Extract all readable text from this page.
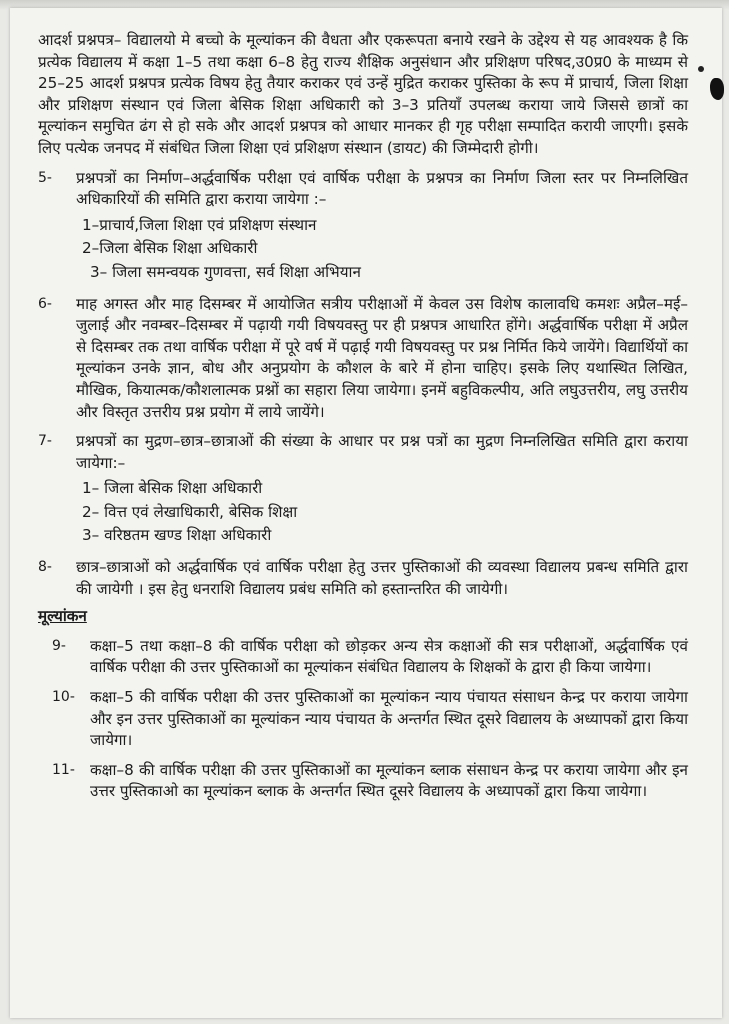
आदर्श प्रश्नपत्र– विद्यालयो मे बच्चो के मूल्यांकन की वैधता और एकरूपता बनाये रखने के उद्देश्य से यह आवश्यक है कि प्रत्येक विद्यालय में कक्षा 1–5 तथा कक्षा 6–8 हेतु राज्य शैक्षिक अनुसंधान और प्रशिक्षण परिषद,उ0प्र0 के माध्यम से 25–25 आदर्श प्रश्नपत्र प्रत्येक विषय हेतु तैयार कराकर एवं उन्हें मुद्रित कराकर पुस्तिका के रूप में प्राचार्य, जिला शिक्षा और प्रशिक्षण संस्थान एवं जिला बेसिक शिक्षा अधिकारी को 3–3 प्रतियाँ उपलब्ध कराया जाये जिससे छात्रों का मूल्यांकन समुचित ढंग से हो सके और आदर्श प्रश्नपत्र को आधार मानकर ही गृह परीक्षा सम्पादित करायी जाएगी। इसके लिए पत्येक जनपद में संबंधित जिला शिक्षा एवं प्रशिक्षण संस्थान (डायट) की जिम्मेदारी होगी।

5-	प्रश्नपत्रों का निर्माण–अर्द्धवार्षिक परीक्षा एवं वार्षिक परीक्षा के प्रश्नपत्र का निर्माण जिला स्तर पर निम्नलिखित अधिकारियों की समिति द्वारा कराया जायेगा :–
1–प्राचार्य,जिला शिक्षा एवं प्रशिक्षण संस्थान
2–जिला बेसिक शिक्षा अधिकारी
3– जिला समन्वयक गुणवत्ता, सर्व शिक्षा अभियान
6-	माह अगस्त और माह दिसम्बर में आयोजित सत्रीय परीक्षाओं में केवल उस विशेष कालावधि कमशः अप्रैल–मई–जुलाई और नवम्बर–दिसम्बर में पढ़ायी गयी विषयवस्तु पर ही प्रश्नपत्र आधारित होंगे। अर्द्धवार्षिक परीक्षा में अप्रैल से दिसम्बर तक तथा वार्षिक परीक्षा में पूरे वर्ष में पढ़ाई गयी विषयवस्तु पर प्रश्न निर्मित किये जायेंगे। विद्यार्थियों का मूल्यांकन उनके ज्ञान, बोध और अनुप्रयोग के कौशल के बारे में होना चाहिए। इसके लिए यथास्थित लिखित, मौखिक, कियात्मक/कौशलात्मक प्रश्नों का सहारा लिया जायेगा। इनमें बहुविकल्पीय, अति लघुउत्तरीय, लघु उत्तरीय और विस्तृत उत्तरीय प्रश्न प्रयोग में लाये जायेंगे।
7-	प्रश्नपत्रों का मुद्रण–छात्र–छात्राओं की संख्या के आधार पर प्रश्न पत्रों का मुद्रण निम्नलिखित समिति द्वारा कराया जायेगा:–
1– जिला बेसिक शिक्षा अधिकारी
2– वित्त एवं लेखाधिकारी, बेसिक शिक्षा
3– वरिष्ठतम खण्ड शिक्षा अधिकारी
8-	छात्र–छात्राओं को अर्द्धवार्षिक एवं वार्षिक परीक्षा हेतु उत्तर पुस्तिकाओं की व्यवस्था विद्यालय प्रबन्ध समिति द्वारा की जायेगी । इस हेतु धनराशि विद्यालय प्रबंध समिति को हस्तान्तरित की जायेगी।
मूल्यांकन
9-	कक्षा–5 तथा कक्षा–8 की वार्षिक परीक्षा को छोड़कर अन्य सेत्र कक्षाओं की सत्र परीक्षाओं, अर्द्धवार्षिक एवं वार्षिक परीक्षा की उत्तर पुस्तिकाओं का मूल्यांकन संबंधित विद्यालय के शिक्षकों के द्वारा ही किया जायेगा।
10- कक्षा–5 की वार्षिक परीक्षा की उत्तर पुस्तिकाओं का मूल्यांकन न्याय पंचायत संसाधन केन्द्र पर कराया जायेगा और इन उत्तर पुस्तिकाओं का मूल्यांकन न्याय पंचायत के अन्तर्गत स्थित दूसरे विद्यालय के अध्यापकों द्वारा किया जायेगा।
11- कक्षा–8 की वार्षिक परीक्षा की उत्तर पुस्तिकाओं का मूल्यांकन ब्लाक संसाधन केन्द्र पर कराया जायेगा और इन उत्तर पुस्तिकाओ का मूल्यांकन ब्लाक के अन्तर्गत स्थित दूसरे विद्यालय के अध्यापकों द्वारा किया जायेगा।
